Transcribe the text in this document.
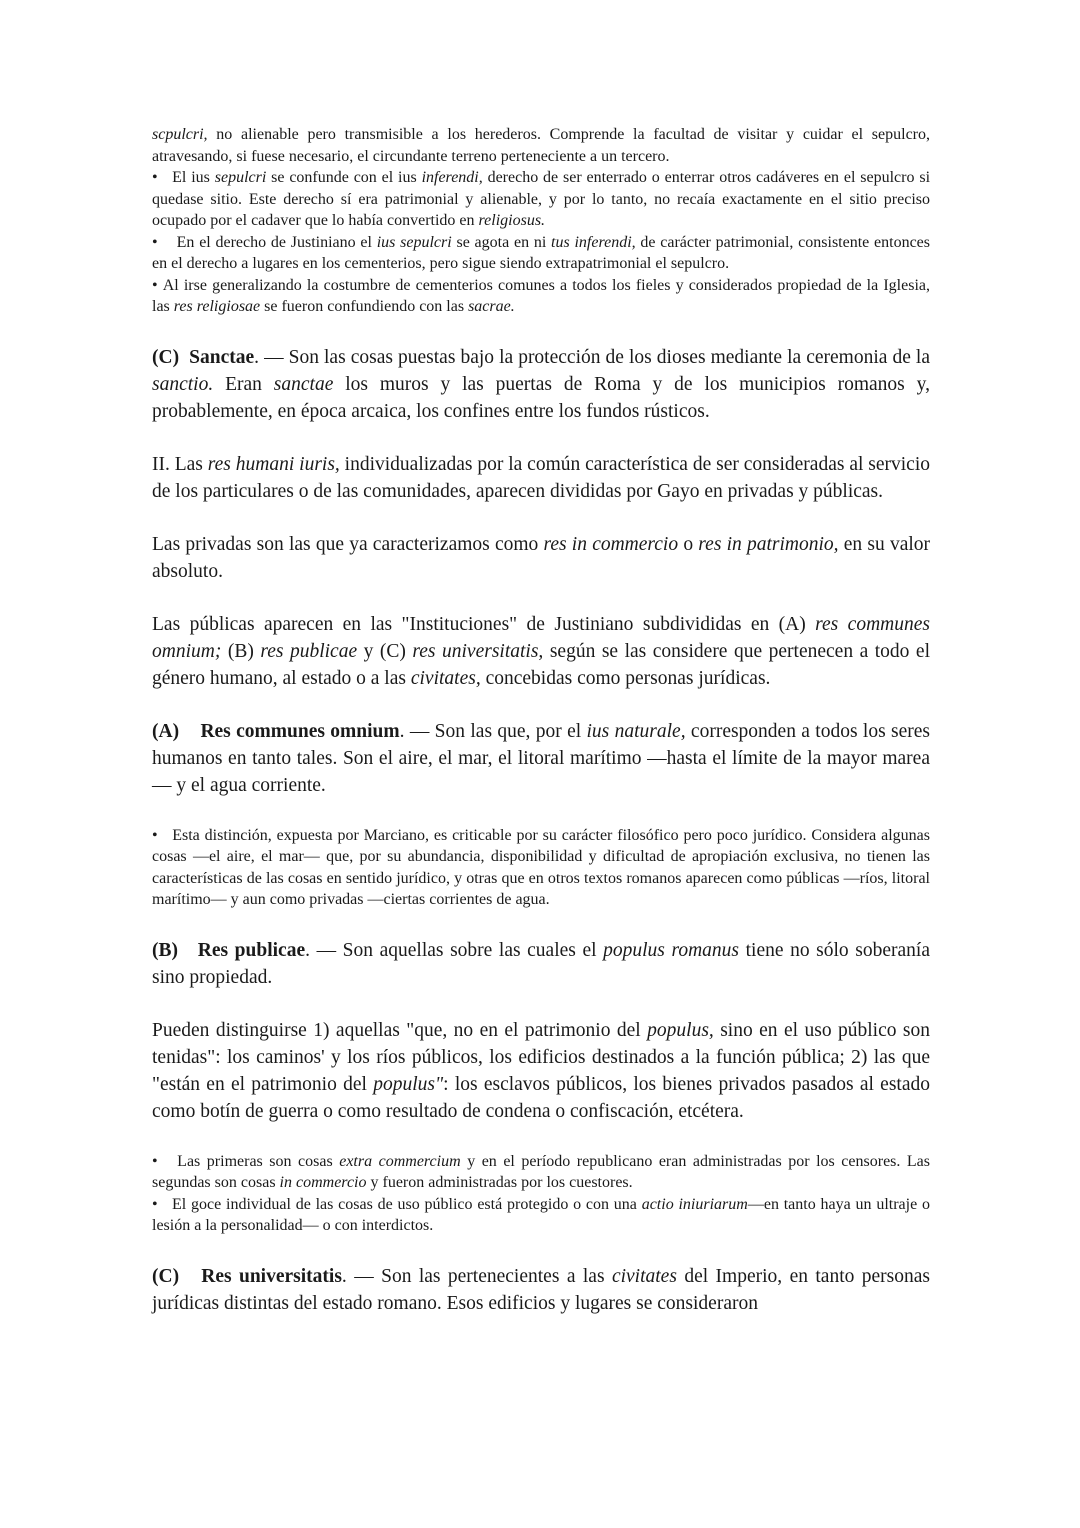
scpulcri, no alienable pero transmisible a los herederos. Comprende la facultad de visitar y cuidar el sepulcro, atravesando, si fuese necesario, el circundante terreno perteneciente a un tercero.

•   El ius sepulcri se confunde con el ius inferendi, derecho de ser enterrado o enterrar otros cadáveres en el sepulcro si quedase sitio. Este derecho sí era patrimonial y alienable, y por lo tanto, no recaía exactamente en el sitio preciso ocupado por el cadaver que lo había convertido en religiosus.

•    En el derecho de Justiniano el ius sepulcri se agota en ni tus inferendi, de carácter patrimonial, consistente entonces en el derecho a lugares en los cementerios, pero sigue siendo extrapatrimonial el sepulcro.

• Al irse generalizando la costumbre de cementerios comunes a todos los fieles y considerados propiedad de la Iglesia, las res religiosae se fueron confundiendo con las sacrae.

(C)  Sanctae. — Son las cosas puestas bajo la protección de los dioses mediante la ceremonia de la sanctio. Eran sanctae los muros y las puertas de Roma y de los municipios romanos y, probablemente, en época arcaica, los confines entre los fundos rústicos.

II. Las res humani iuris, individualizadas por la común característica de ser consideradas al servicio de los particulares o de las comunidades, aparecen divididas por Gayo en privadas y públicas.

Las privadas son las que ya caracterizamos como res in commercio o res in patrimonio, en su valor absoluto.

Las públicas aparecen en las "Instituciones" de Justiniano subdivididas en (A) res communes omnium; (B) res publicae y (C) res universitatis, según se las considere que pertenecen a todo el género humano, al estado o a las civitates, concebidas como personas jurídicas.

(A)    Res communes omnium. — Son las que, por el ius naturale, corresponden a todos los seres humanos en tanto tales. Son el aire, el mar, el litoral marítimo —hasta el límite de la mayor marea— y el agua corriente.

•   Esta distinción, expuesta por Marciano, es criticable por su carácter filosófico pero poco jurídico. Considera algunas cosas —el aire, el mar— que, por su abundancia, disponibilidad y dificultad de apropiación exclusiva, no tienen las características de las cosas en sentido jurídico, y otras que en otros textos romanos aparecen como públicas —ríos, litoral marítimo— y aun como privadas —ciertas corrientes de agua.

(B)   Res publicae. — Son aquellas sobre las cuales el populus romanus tiene no sólo soberanía sino propiedad.

Pueden distinguirse 1) aquellas "que, no en el patrimonio del populus, sino en el uso público son tenidas": los caminos' y los ríos públicos, los edificios destinados a la función pública; 2) las que "están en el patrimonio del populus": los esclavos públicos, los bienes privados pasados al estado como botín de guerra o como resultado de condena o confiscación, etcétera.

•   Las primeras son cosas extra commercium y en el período republicano eran administradas por los censores. Las segundas son cosas in commercio y fueron administradas por los cuestores.

•   El goce individual de las cosas de uso público está protegido o con una actio iniuriarum—en tanto haya un ultraje o lesión a la personalidad— o con interdictos.

(C)   Res universitatis. — Son las pertenecientes a las civitates del Imperio, en tanto personas jurídicas distintas del estado romano. Esos edificios y lugares se consideraron
